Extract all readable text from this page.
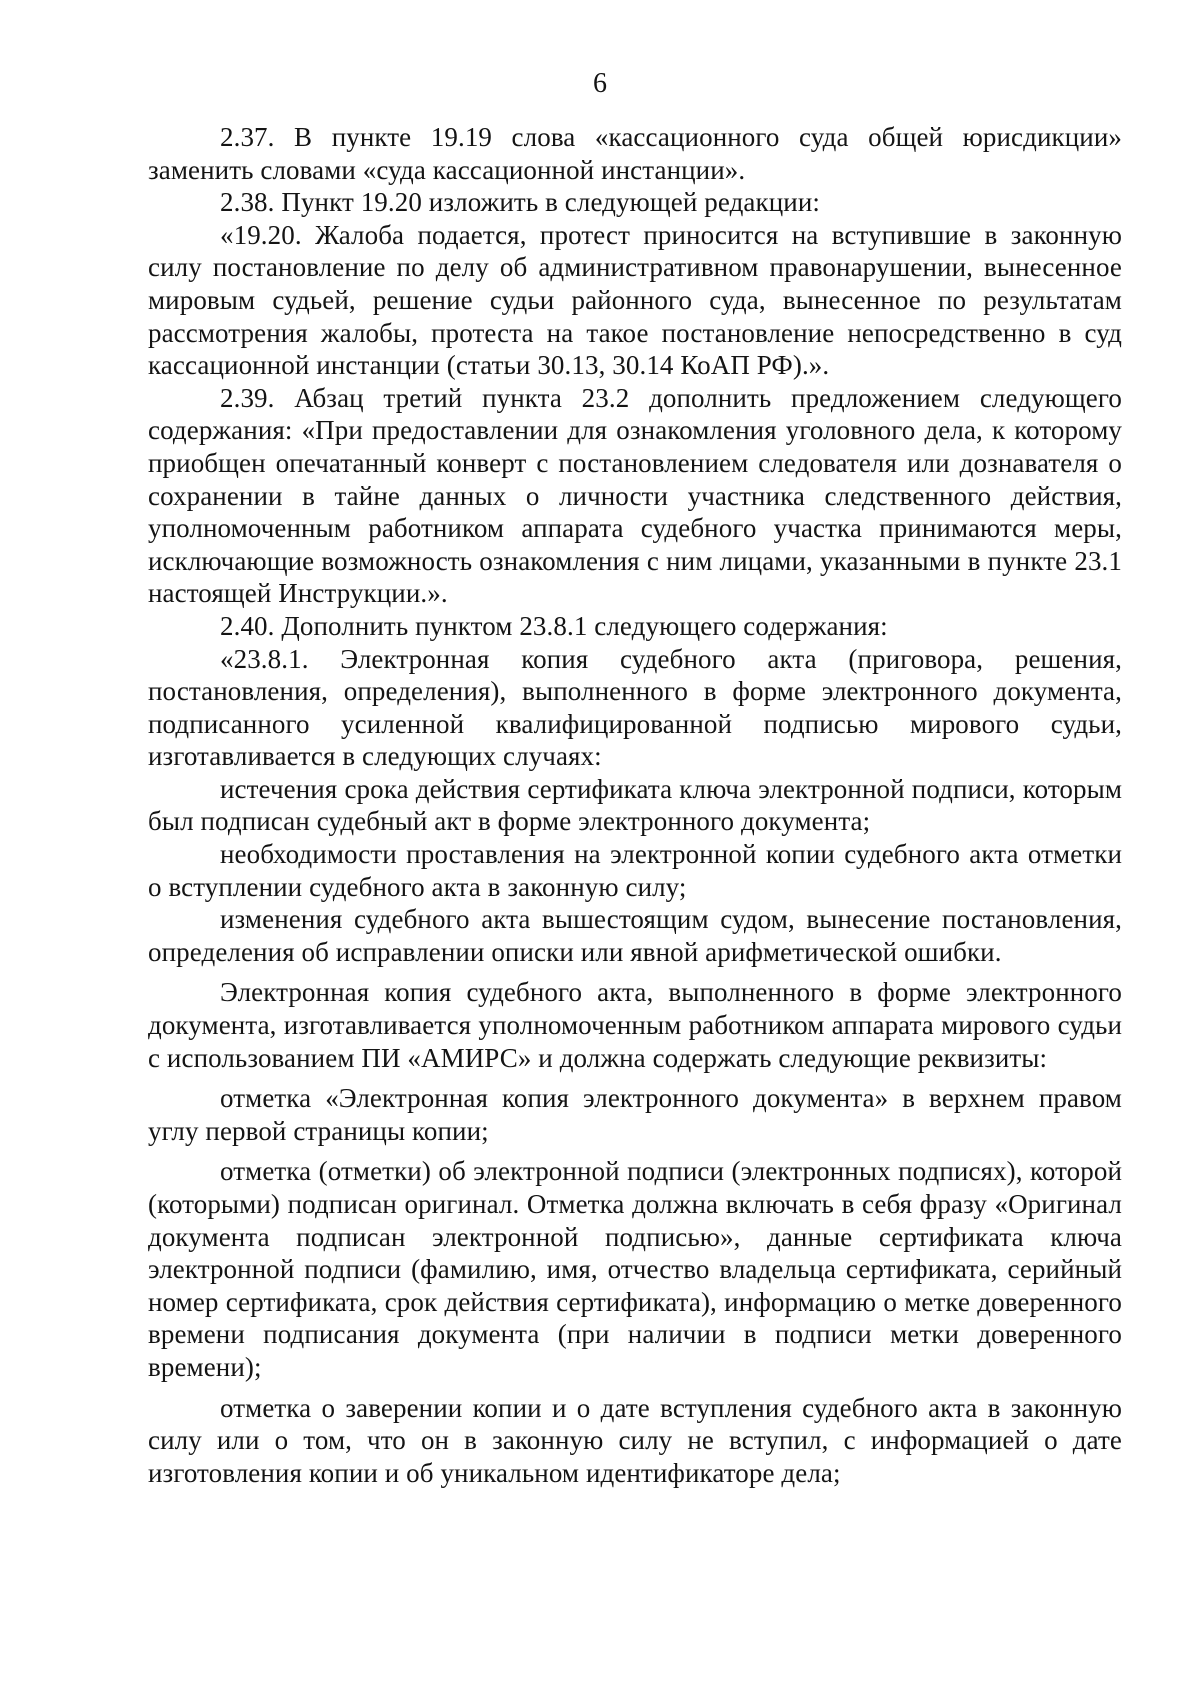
6

2.37. В пункте 19.19 слова «кассационного суда общей юрисдикции» заменить словами «суда кассационной инстанции».

2.38. Пункт 19.20 изложить в следующей редакции:

«19.20. Жалоба подается, протест приносится на вступившие в законную силу постановление по делу об административном правонарушении, вынесенное мировым судьей, решение судьи районного суда, вынесенное по результатам рассмотрения жалобы, протеста на такое постановление непосредственно в суд кассационной инстанции (статьи 30.13, 30.14 КоАП РФ).».

2.39. Абзац третий пункта 23.2 дополнить предложением следующего содержания: «При предоставлении для ознакомления уголовного дела, к которому приобщен опечатанный конверт с постановлением следователя или дознавателя о сохранении в тайне данных о личности участника следственного действия, уполномоченным работником аппарата судебного участка принимаются меры, исключающие возможность ознакомления с ним лицами, указанными в пункте 23.1 настоящей Инструкции.».

2.40. Дополнить пунктом 23.8.1 следующего содержания:

«23.8.1. Электронная копия судебного акта (приговора, решения, постановления, определения), выполненного в форме электронного документа, подписанного усиленной квалифицированной подписью мирового судьи, изготавливается в следующих случаях:

истечения срока действия сертификата ключа электронной подписи, которым был подписан судебный акт в форме электронного документа;

необходимости проставления на электронной копии судебного акта отметки о вступлении судебного акта в законную силу;

изменения судебного акта вышестоящим судом, вынесение постановления, определения об исправлении описки или явной арифметической ошибки.

Электронная копия судебного акта, выполненного в форме электронного документа, изготавливается уполномоченным работником аппарата мирового судьи с использованием ПИ «АМИРС» и должна содержать следующие реквизиты:

отметка «Электронная копия электронного документа» в верхнем правом углу первой страницы копии;

отметка (отметки) об электронной подписи (электронных подписях), которой (которыми) подписан оригинал. Отметка должна включать в себя фразу «Оригинал документа подписан электронной подписью», данные сертификата ключа электронной подписи (фамилию, имя, отчество владельца сертификата, серийный номер сертификата, срок действия сертификата), информацию о метке доверенного времени подписания документа (при наличии в подписи метки доверенного времени);

отметка о заверении копии и о дате вступления судебного акта в законную силу или о том, что он в законную силу не вступил, с информацией о дате изготовления копии и об уникальном идентификаторе дела;
